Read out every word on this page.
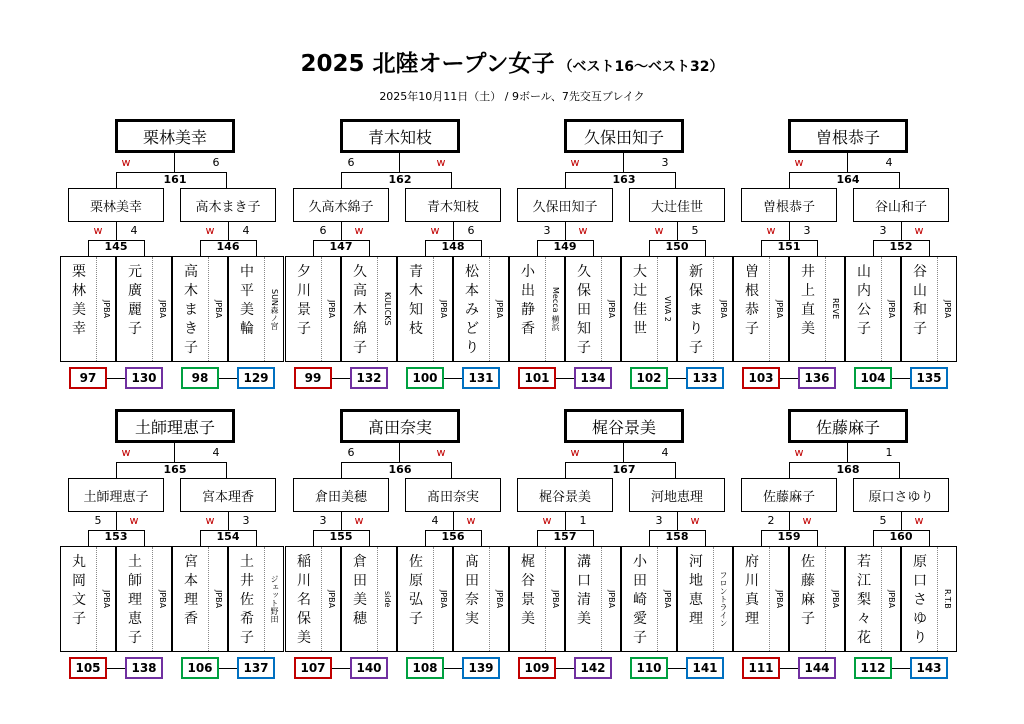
2025 北陸オープン女子 （ベスト16～ベスト32）
2025年10月11日（土） / 9ボール、7先交互ブレイク
栗林美幸
161
w	6
栗林美幸
145
w	4
栗
林
美
幸
JPBA
97
元
廣
麗
子
JPBA
130
高木まき子
146
w	4
高
木
ま
き
子
JPBA
98
中
平
美
輪	SUN森ノ宮
129
青木知枝
162
6	w
久高木綿子
147
6	w
夕
川
景
子
JPBA
99
久
高
木
綿
子
KULICKS
132
青木知枝
148
w	6
青
木
知
枝
JPBA
100
松
本
み
ど
り
JPBA
131
久保田知子
163
w	3
久保田知子
149
3	w
小
出
静
香	Mecca 横浜
101
久
保
田
知
子
JPBA
134
大辻佳世
150
w	5
大
辻
佳
世
VIVA 2
102
新
保
ま
り
子
JPBA
133
曽根恭子
164
w	4
曽根恭子
151
w	3
曽
根
恭
子
JPBA
103
井
上
直
美
REVE
136
谷山和子
152
3	w
山
内
公
子
JPBA
104
谷
山
和
子
JPBA
135
土師理恵子
165
w	4
土師理恵子
153
5	w
丸
岡
文
子
JPBA
105
土
師
理
恵
子
JPBA
138
宮本理香
154
w	3
宮
本
理
香
JPBA
106
土
井
佐
希
子
ジェット野田
137
髙田奈実
166
6	w
倉田美穂
155
3	w
稲
川
名
保
美
JPBA
107
倉
田
美
穂
side
140
髙田奈実
156
4	w
佐
原
弘
子
JPBA
108
髙
田
奈
実
JPBA
139
梶谷景美
167
w	4
梶谷景美
157
w	1
梶
谷
景
美
JPBA
109
溝
口
清
美
JPBA
142
河地恵理
158
3	w
小
田
崎
愛
子
JPBA
110
河
地
恵
理	フロントライン
141
佐藤麻子
168
w	1
佐藤麻子
159
2	w
府
川
真
理
JPBA
111
佐
藤
麻
子
JPBA
144
原口さゆり
160
5	w
若
江
梨
々
花
JPBA
112
原
口
さ
ゆ
り
R.T.B
143
